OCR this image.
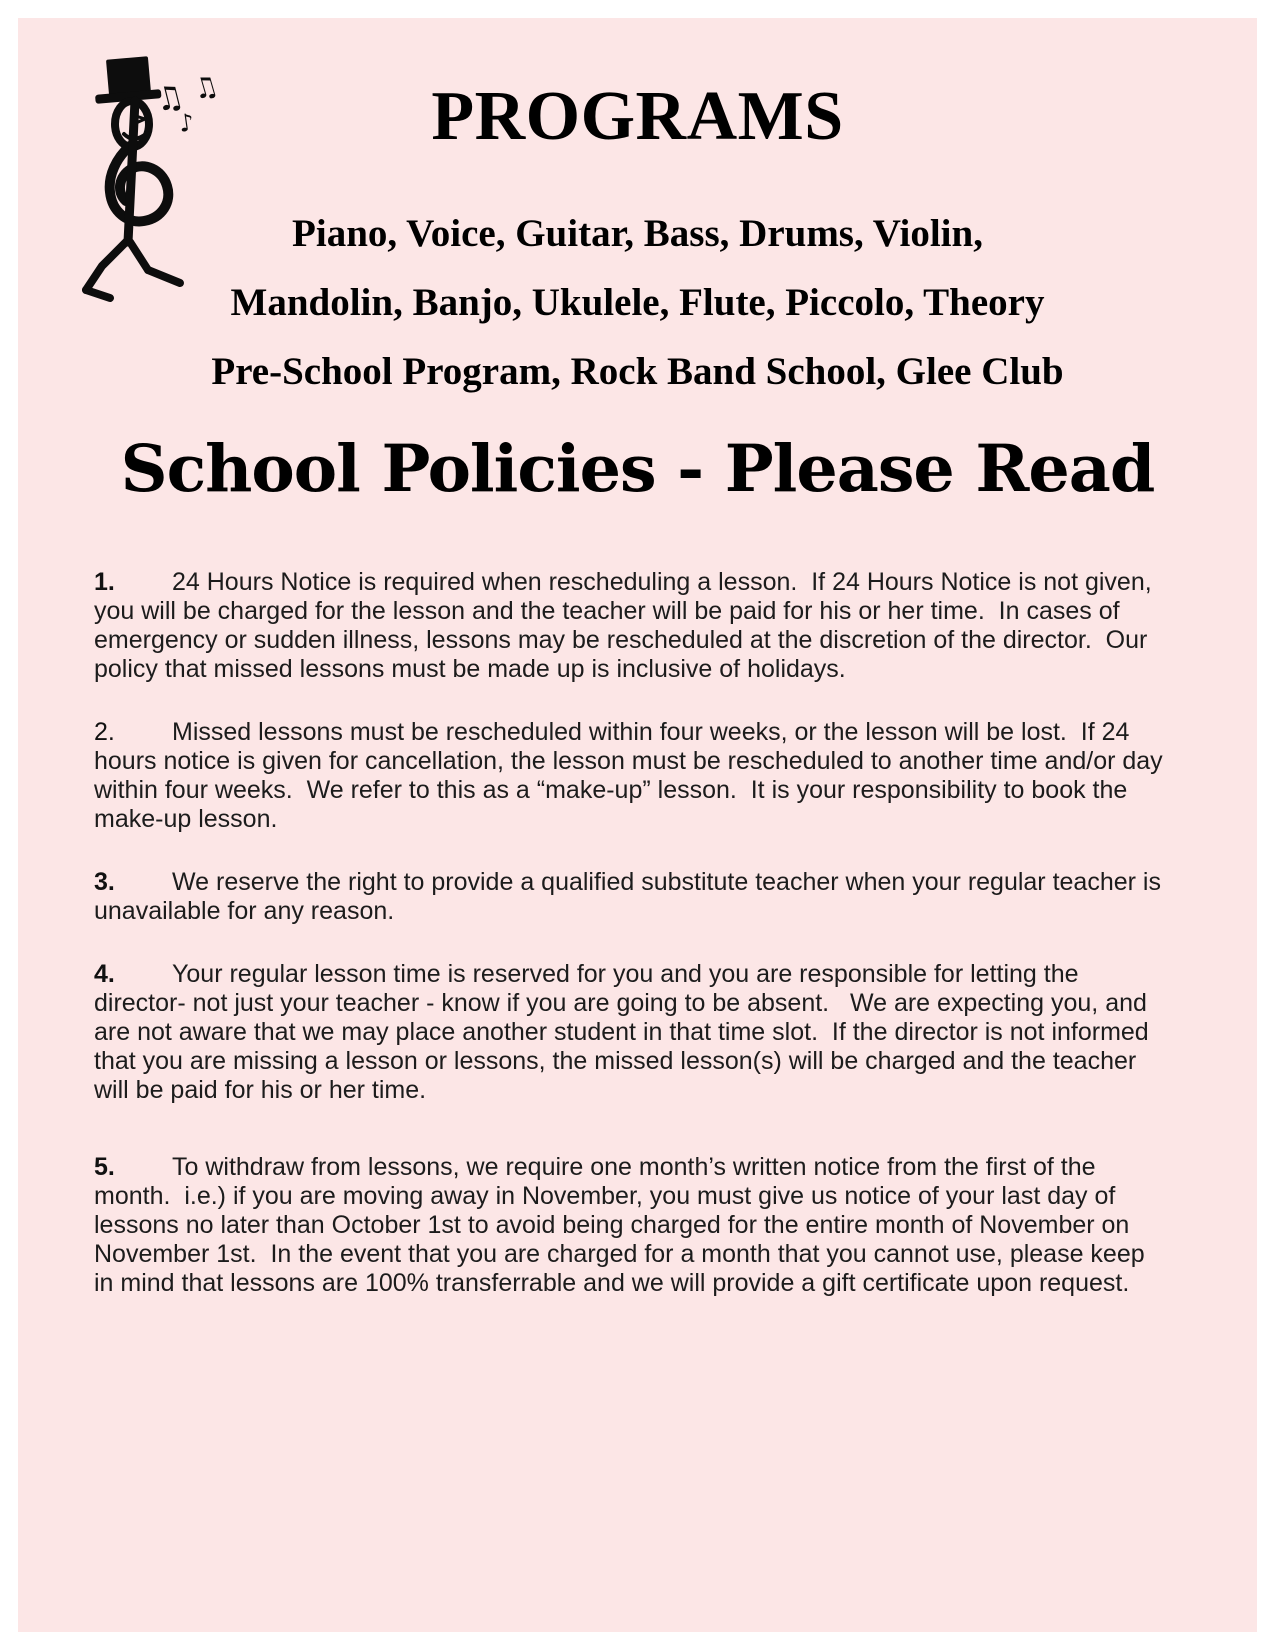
♫
♪
♫	PROGRAMS
Piano, Voice, Guitar, Bass, Drums, Violin,
Mandolin, Banjo, Ukulele, Flute, Piccolo, Theory
Pre-School Program, Rock Band School, Glee Club
School Policies - Please Read

1. 24 Hours Notice is required when rescheduling a lesson.  If 24 Hours Notice is not given, you will be charged for the lesson and the teacher will be paid for his or her time.  In cases of emergency or sudden illness, lessons may be rescheduled at the discretion of the director.  Our policy that missed lessons must be made up is inclusive of holidays.

2. Missed lessons must be rescheduled within four weeks, or the lesson will be lost.  If 24 hours notice is given for cancellation, the lesson must be rescheduled to another time and/or day within four weeks.  We refer to this as a “make-up” lesson.  It is your responsibility to book the make-up lesson.

3. We reserve the right to provide a qualified substitute teacher when your regular teacher is unavailable for any reason.

4. Your regular lesson time is reserved for you and you are responsible for letting the director- not just your teacher - know if you are going to be absent.   We are expecting you, and are not aware that we may place another student in that time slot.  If the director is not informed that you are missing a lesson or lessons, the missed lesson(s) will be charged and the teacher will be paid for his or her time.

5. To withdraw from lessons, we require one month’s written notice from the first of the month.  i.e.) if you are moving away in November, you must give us notice of your last day of lessons no later than October 1st to avoid being charged for the entire month of November on November 1st.  In the event that you are charged for a month that you cannot use, please keep in mind that lessons are 100% transferrable and we will provide a gift certificate upon request.
